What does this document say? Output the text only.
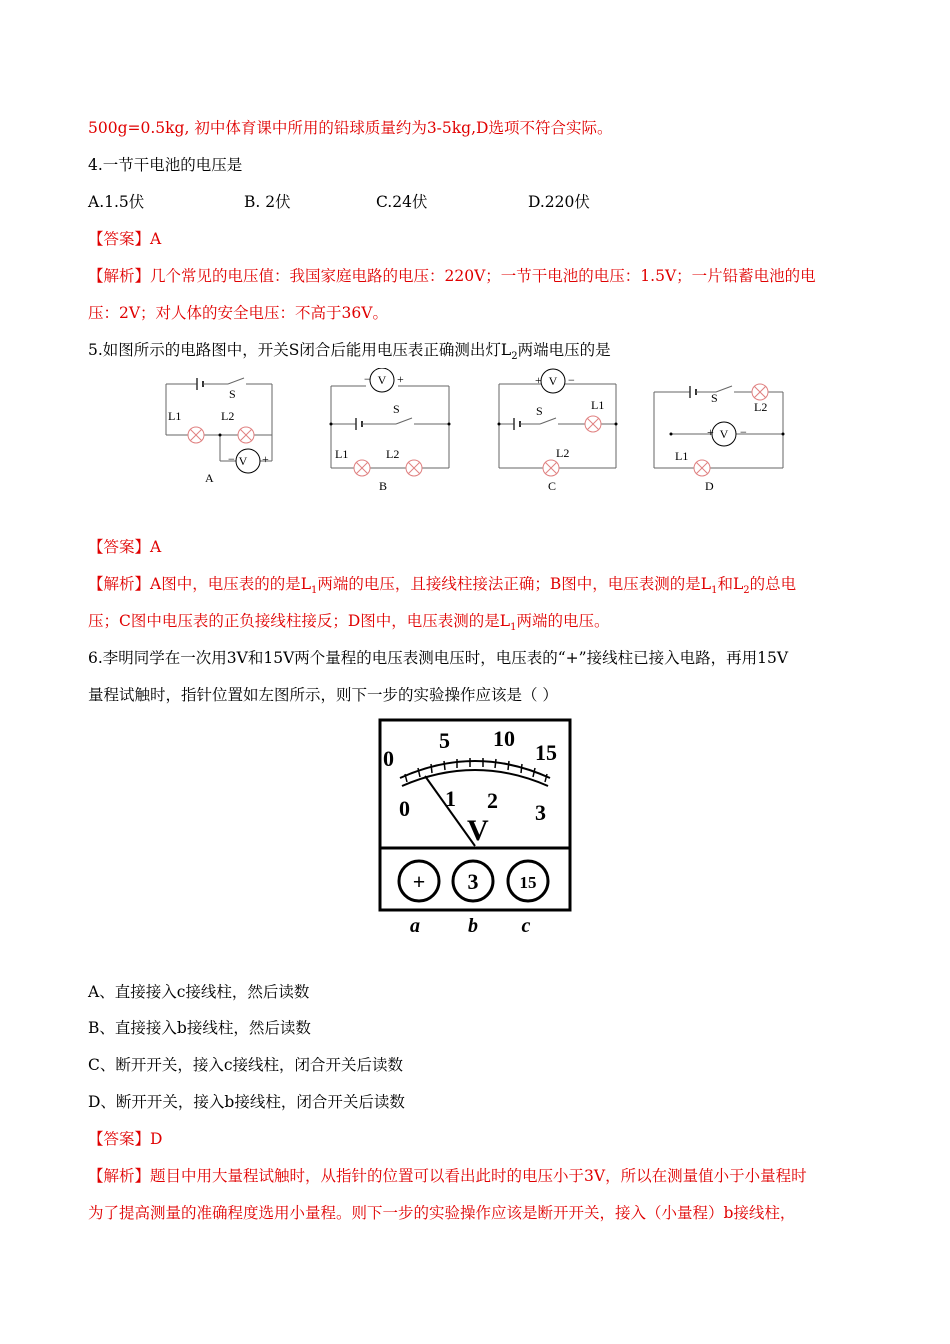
500g=0.5kg, 初中体育课中所用的铅球质量约为3-5kg,D选项不符合实际。
4.一节干电池的电压是
A.1.5伏	B. 2伏	C.24伏	D.220伏
【答案】A
【解析】几个常见的电压值：我国家庭电路的电压：220V；一节干电池的电压：1.5V；一片铅蓄电池的电
压：2V；对人体的安全电压：不高于36V。
5.如图所示的电路图中，开关S闭合后能用电压表正确测出灯$L_2$两端电压的是
S
L1	L2
V
− +
A
S
L1	L2
V
− +
B
S	L1
L2
V
+ −
C
S
L2
L1
V
+ −
D
【答案】A
【解析】A图中，电压表的的是$L_1$两端的电压，且接线柱接法正确；B图中，电压表测的是$L_1$和$L_2$的总电
压；C图中电压表的正负接线柱接反；D图中，电压表测的是$L_1$两端的电压。
6.李明同学在一次用3V和15V两个量程的电压表测电压时，电压表的“+”接线柱已接入电路，再用15V
量程试触时，指针位置如左图所示，则下一步的实验操作应该是（ ）
0
5 10
15
0 1 2 3
V
+ 3 15
a b c
A、直接接入c接线柱，然后读数
B、直接接入b接线柱，然后读数
C、断开开关，接入c接线柱，闭合开关后读数
D、断开开关，接入b接线柱，闭合开关后读数
【答案】D
【解析】题目中用大量程试触时，从指针的位置可以看出此时的电压小于3V，所以在测量值小于小量程时
为了提高测量的准确程度选用小量程。则下一步的实验操作应该是断开开关，接入（小量程）b接线柱，
